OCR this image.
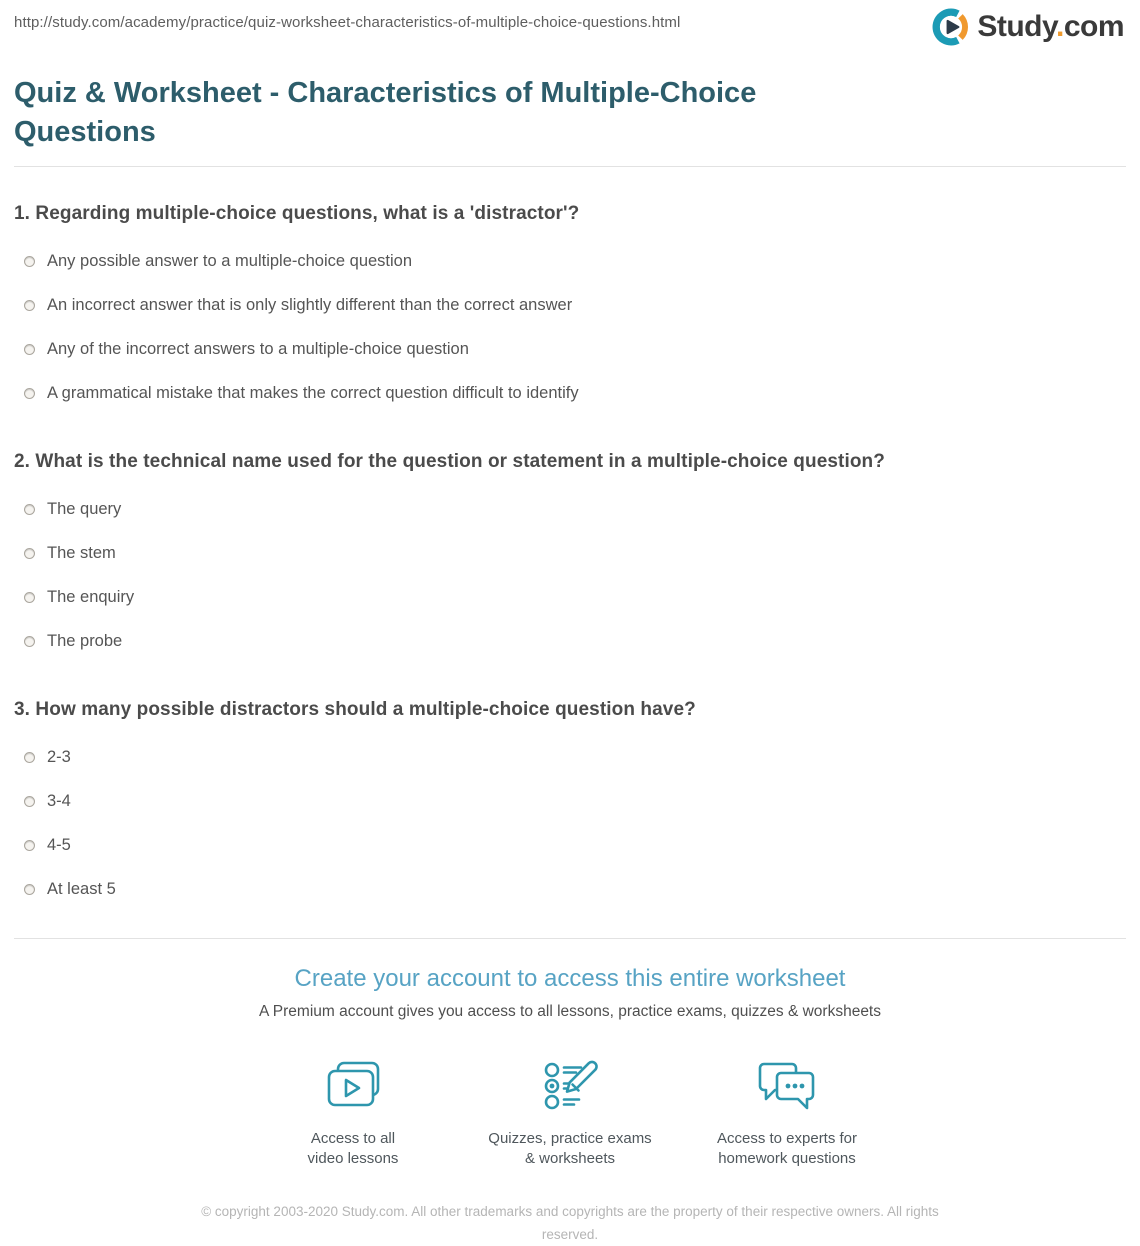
http://study.com/academy/practice/quiz-worksheet-characteristics-of-multiple-choice-questions.html	Study.com
Quiz & Worksheet - Characteristics of Multiple-Choice Questions
1. Regarding multiple-choice questions, what is a 'distractor'?
Any possible answer to a multiple-choice question
An incorrect answer that is only slightly different than the correct answer
Any of the incorrect answers to a multiple-choice question
A grammatical mistake that makes the correct question difficult to identify
2. What is the technical name used for the question or statement in a multiple-choice question?
The query
The stem
The enquiry
The probe
3. How many possible distractors should a multiple-choice question have?
2-3
3-4
4-5
At least 5
Create your account to access this entire worksheet
A Premium account gives you access to all lessons, practice exams, quizzes & worksheets
Access to all
video lessons
Quizzes, practice exams
& worksheets
Access to experts for
homework questions
© copyright 2003-2020 Study.com. All other trademarks and copyrights are the property of their respective owners. All rights reserved.
